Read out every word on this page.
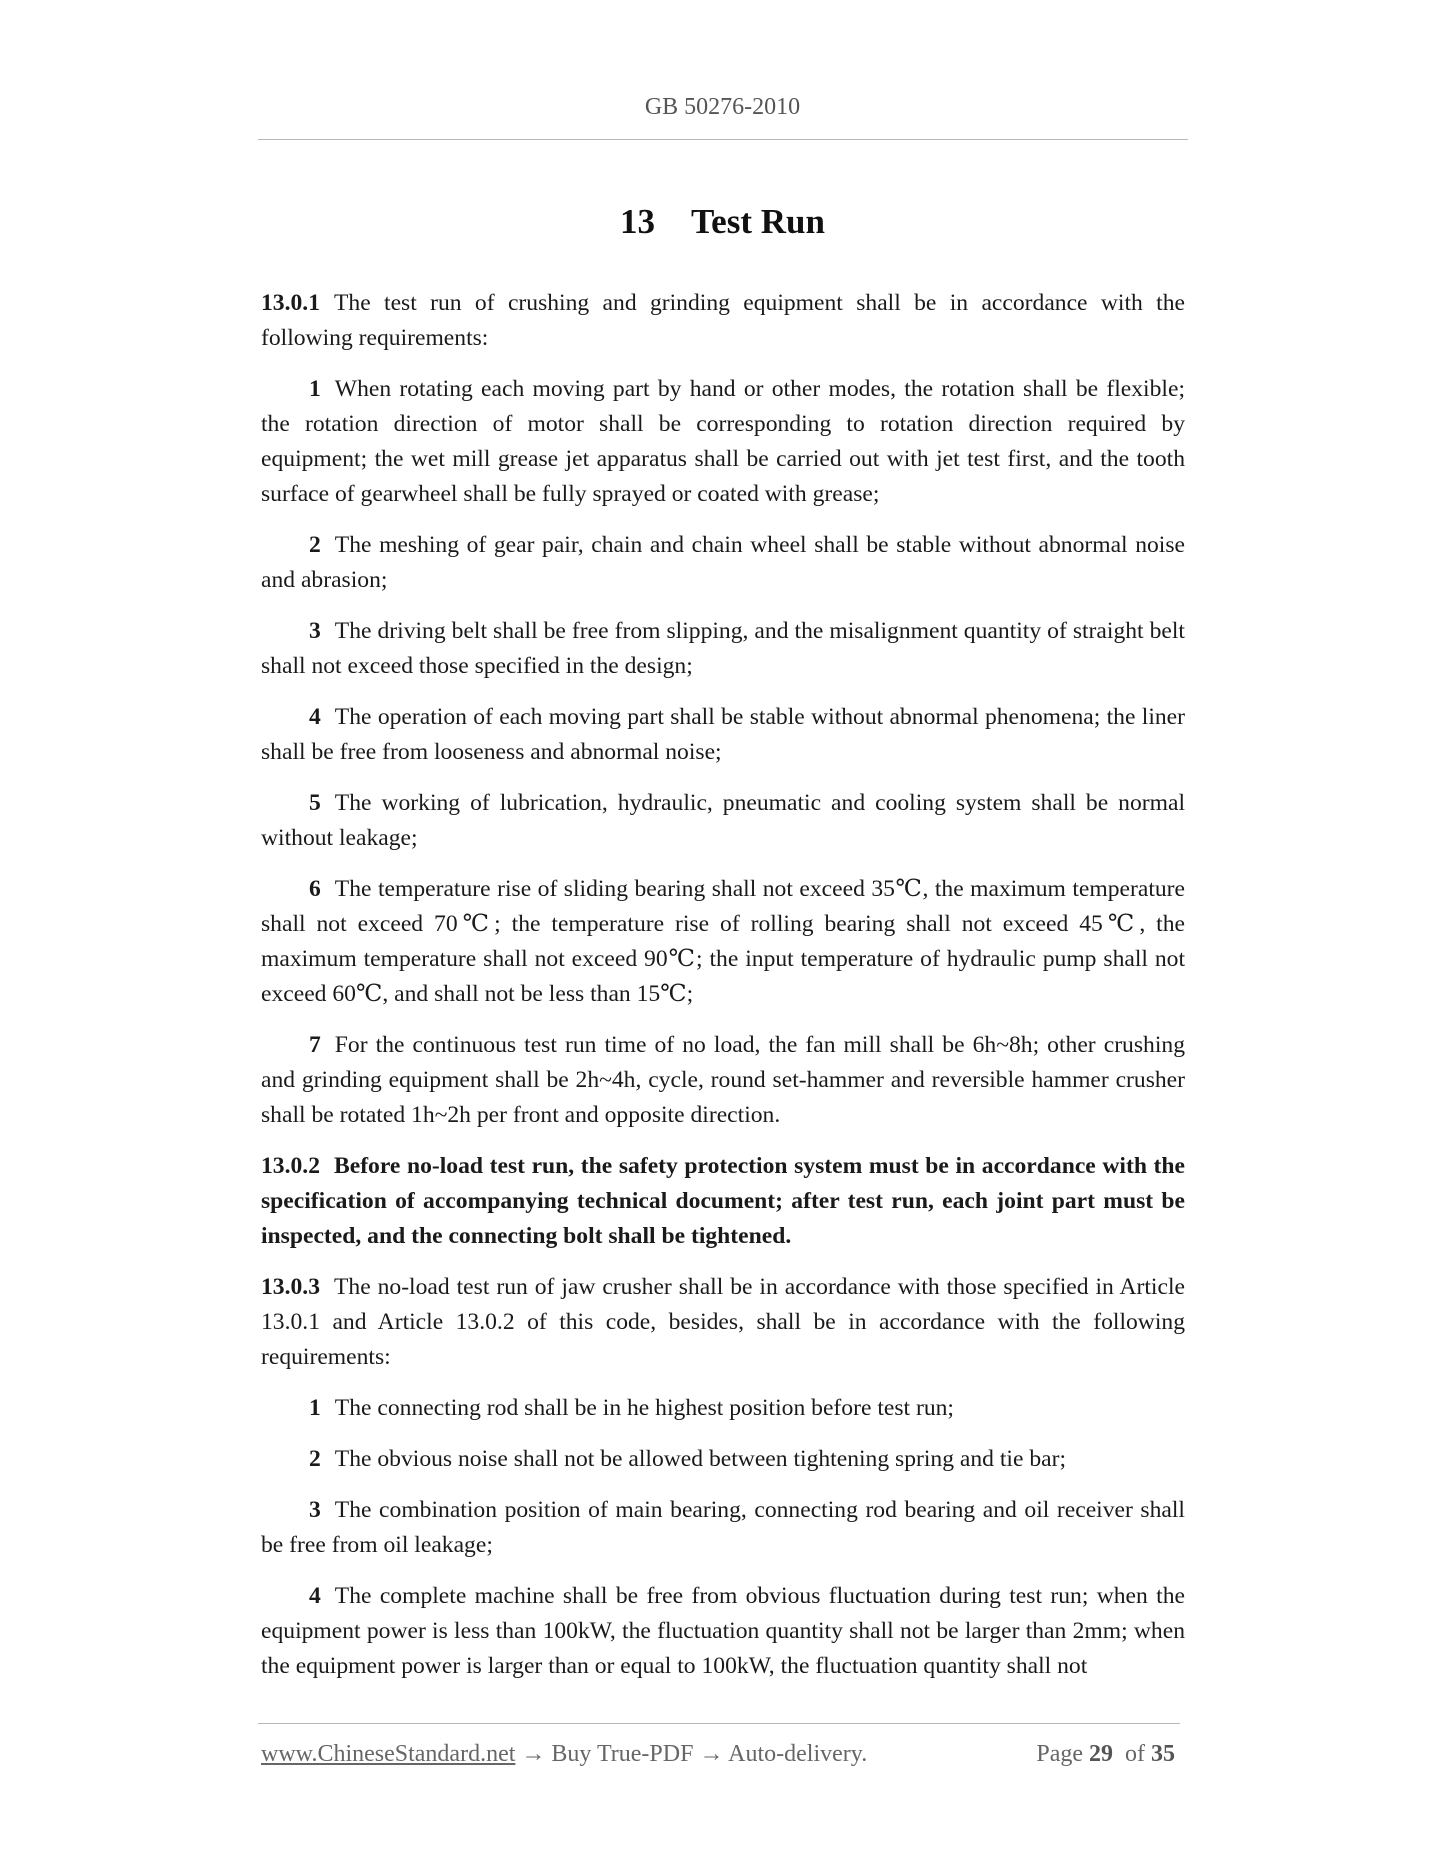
GB 50276-2010
13 Test Run

13.0.1 The test run of crushing and grinding equipment shall be in accordance with the following requirements:

1 When rotating each moving part by hand or other modes, the rotation shall be flexible; the rotation direction of motor shall be corresponding to rotation direction required by equipment; the wet mill grease jet apparatus shall be carried out with jet test first, and the tooth surface of gearwheel shall be fully sprayed or coated with grease;

2 The meshing of gear pair, chain and chain wheel shall be stable without abnormal noise and abrasion;

3 The driving belt shall be free from slipping, and the misalignment quantity of straight belt shall not exceed those specified in the design;

4 The operation of each moving part shall be stable without abnormal phenomena; the liner shall be free from looseness and abnormal noise;

5 The working of lubrication, hydraulic, pneumatic and cooling system shall be normal without leakage;

6 The temperature rise of sliding bearing shall not exceed 35℃, the maximum temperature shall not exceed 70℃; the temperature rise of rolling bearing shall not exceed 45℃, the maximum temperature shall not exceed 90℃; the input temperature of hydraulic pump shall not exceed 60℃, and shall not be less than 15℃;

7 For the continuous test run time of no load, the fan mill shall be 6h~8h; other crushing and grinding equipment shall be 2h~4h, cycle, round set-hammer and reversible hammer crusher shall be rotated 1h~2h per front and opposite direction.

13.0.2 Before no-load test run, the safety protection system must be in accordance with the specification of accompanying technical document; after test run, each joint part must be inspected, and the connecting bolt shall be tightened.

13.0.3 The no-load test run of jaw crusher shall be in accordance with those specified in Article 13.0.1 and Article 13.0.2 of this code, besides, shall be in accordance with the following requirements:

1 The connecting rod shall be in he highest position before test run;

2 The obvious noise shall not be allowed between tightening spring and tie bar;

3 The combination position of main bearing, connecting rod bearing and oil receiver shall be free from oil leakage;

4 The complete machine shall be free from obvious fluctuation during test run; when the equipment power is less than 100kW, the fluctuation quantity shall not be larger than 2mm; when the equipment power is larger than or equal to 100kW, the fluctuation quantity shall not

www.ChineseStandard.net → Buy True-PDF → Auto-delivery.	Page 29 of 35
